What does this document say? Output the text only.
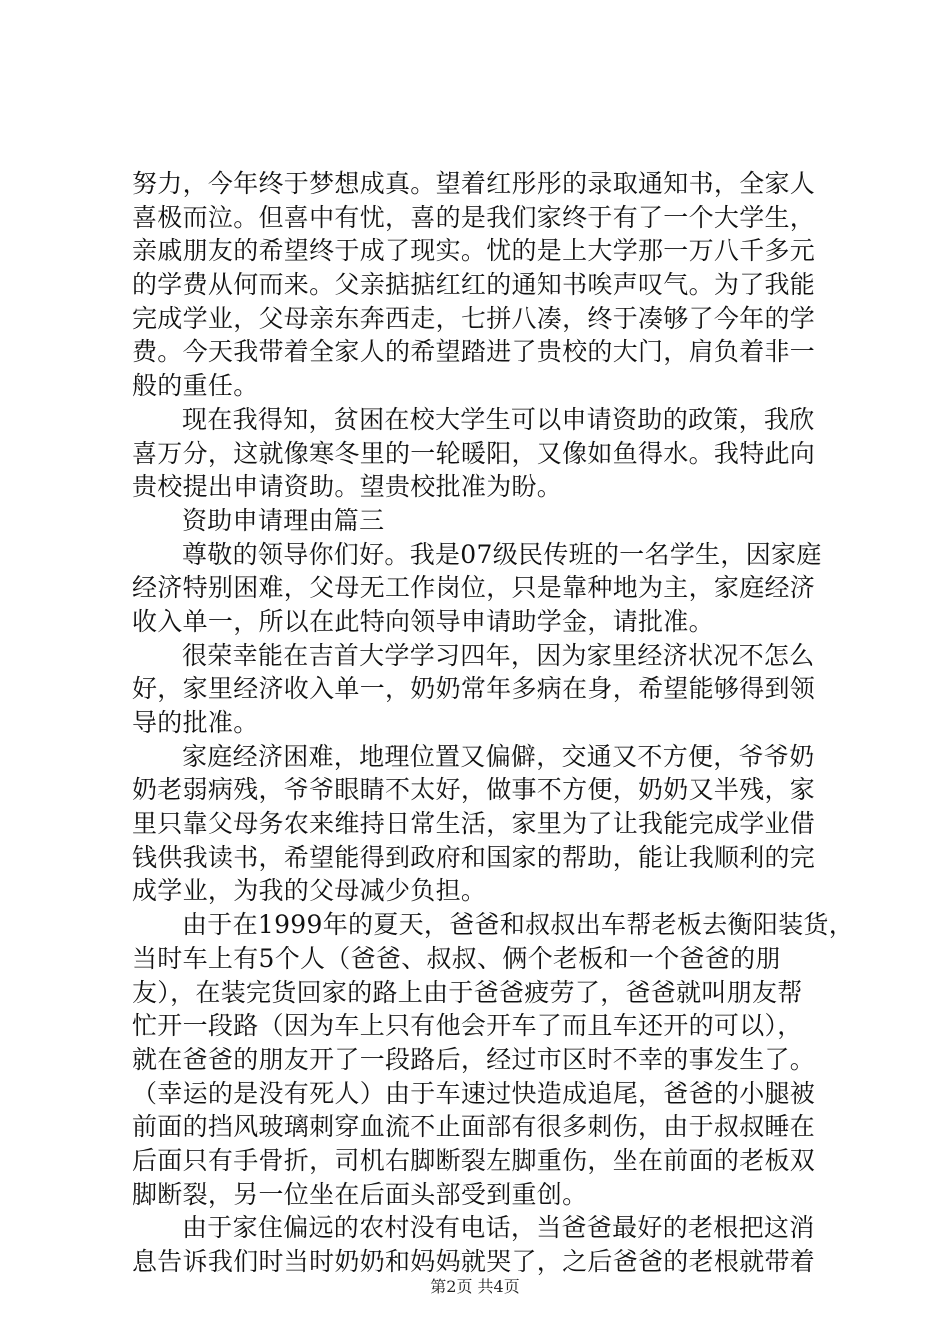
努力，今年终于梦想成真。望着红彤彤的录取通知书，全家人
喜极而泣。但喜中有忧，喜的是我们家终于有了一个大学生，
亲戚朋友的希望终于成了现实。忧的是上大学那一万八千多元
的学费从何而来。父亲掂掂红红的通知书唉声叹气。为了我能
完成学业，父母亲东奔西走，七拼八凑，终于凑够了今年的学
费。今天我带着全家人的希望踏进了贵校的大门，肩负着非一
般的重任。
现在我得知，贫困在校大学生可以申请资助的政策，我欣
喜万分，这就像寒冬里的一轮暖阳，又像如鱼得水。我特此向
贵校提出申请资助。望贵校批准为盼。
资助申请理由篇三
尊敬的领导你们好。我是07级民传班的一名学生，因家庭
经济特别困难，父母无工作岗位，只是靠种地为主，家庭经济
收入单一，所以在此特向领导申请助学金，请批准。
很荣幸能在吉首大学学习四年，因为家里经济状况不怎么
好，家里经济收入单一，奶奶常年多病在身，希望能够得到领
导的批准。
家庭经济困难，地理位置又偏僻，交通又不方便，爷爷奶
奶老弱病残，爷爷眼睛不太好，做事不方便，奶奶又半残，家
里只靠父母务农来维持日常生活，家里为了让我能完成学业借
钱供我读书，希望能得到政府和国家的帮助，能让我顺利的完
成学业，为我的父母减少负担。
由于在1999年的夏天，爸爸和叔叔出车帮老板去衡阳装货，
当时车上有5个人（爸爸、叔叔、俩个老板和一个爸爸的朋
友），在装完货回家的路上由于爸爸疲劳了，爸爸就叫朋友帮
忙开一段路（因为车上只有他会开车了而且车还开的可以），
就在爸爸的朋友开了一段路后，经过市区时不幸的事发生了。
（幸运的是没有死人）由于车速过快造成追尾，爸爸的小腿被
前面的挡风玻璃刺穿血流不止面部有很多刺伤，由于叔叔睡在
后面只有手骨折，司机右脚断裂左脚重伤，坐在前面的老板双
脚断裂，另一位坐在后面头部受到重创。
由于家住偏远的农村没有电话，当爸爸最好的老根把这消
息告诉我们时当时奶奶和妈妈就哭了，之后爸爸的老根就带着
第2页 共4页
